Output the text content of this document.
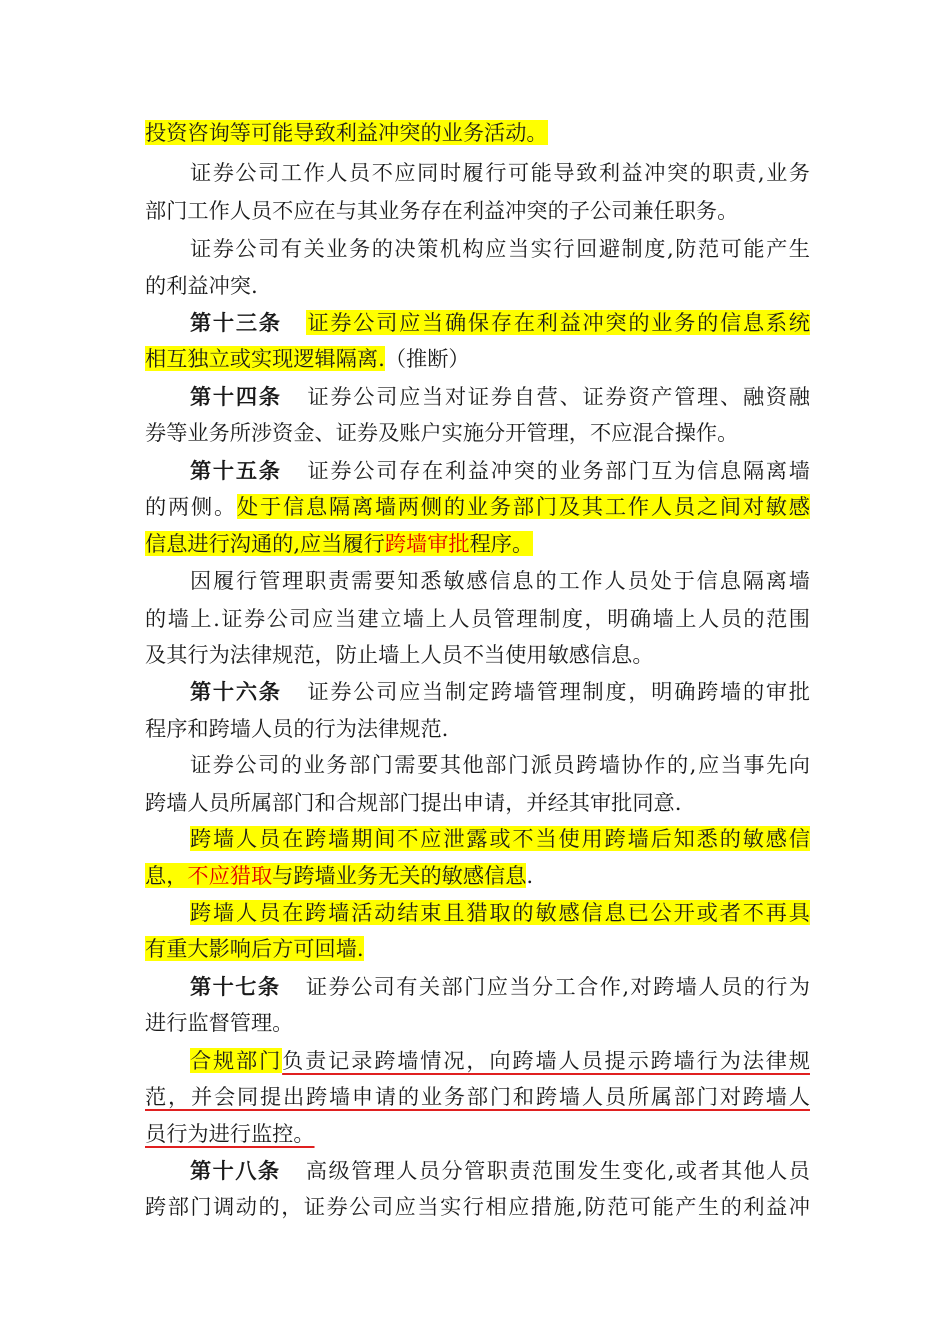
投资咨询等可能导致利益冲突的业务活动。
证券公司工作人员不应同时履行可能导致利益冲突的职责,业务
部门工作人员不应在与其业务存在利益冲突的子公司兼任职务。
证券公司有关业务的决策机构应当实行回避制度,防范可能产生
的利益冲突.
第十三条 证券公司应当确保存在利益冲突的业务的信息系统
相互独立或实现逻辑隔离.（推断）
第十四条 证券公司应当对证券自营、证券资产管理、融资融
券等业务所涉资金、证券及账户实施分开管理，不应混合操作。
第十五条 证券公司存在利益冲突的业务部门互为信息隔离墙
的两侧。处于信息隔离墙两侧的业务部门及其工作人员之间对敏感
信息进行沟通的,应当履行跨墙审批程序。
因履行管理职责需要知悉敏感信息的工作人员处于信息隔离墙
的墙上.证券公司应当建立墙上人员管理制度，明确墙上人员的范围
及其行为法律规范，防止墙上人员不当使用敏感信息。
第十六条 证券公司应当制定跨墙管理制度，明确跨墙的审批
程序和跨墙人员的行为法律规范.
证券公司的业务部门需要其他部门派员跨墙协作的,应当事先向
跨墙人员所属部门和合规部门提出申请，并经其审批同意.
跨墙人员在跨墙期间不应泄露或不当使用跨墙后知悉的敏感信
息，不应猎取与跨墙业务无关的敏感信息.
跨墙人员在跨墙活动结束且猎取的敏感信息已公开或者不再具
有重大影响后方可回墙.
第十七条 证券公司有关部门应当分工合作,对跨墙人员的行为
进行监督管理。
合规部门负责记录跨墙情况，向跨墙人员提示跨墙行为法律规
范，并会同提出跨墙申请的业务部门和跨墙人员所属部门对跨墙人
员行为进行监控。
第十八条 高级管理人员分管职责范围发生变化,或者其他人员
跨部门调动的，证券公司应当实行相应措施,防范可能产生的利益冲
